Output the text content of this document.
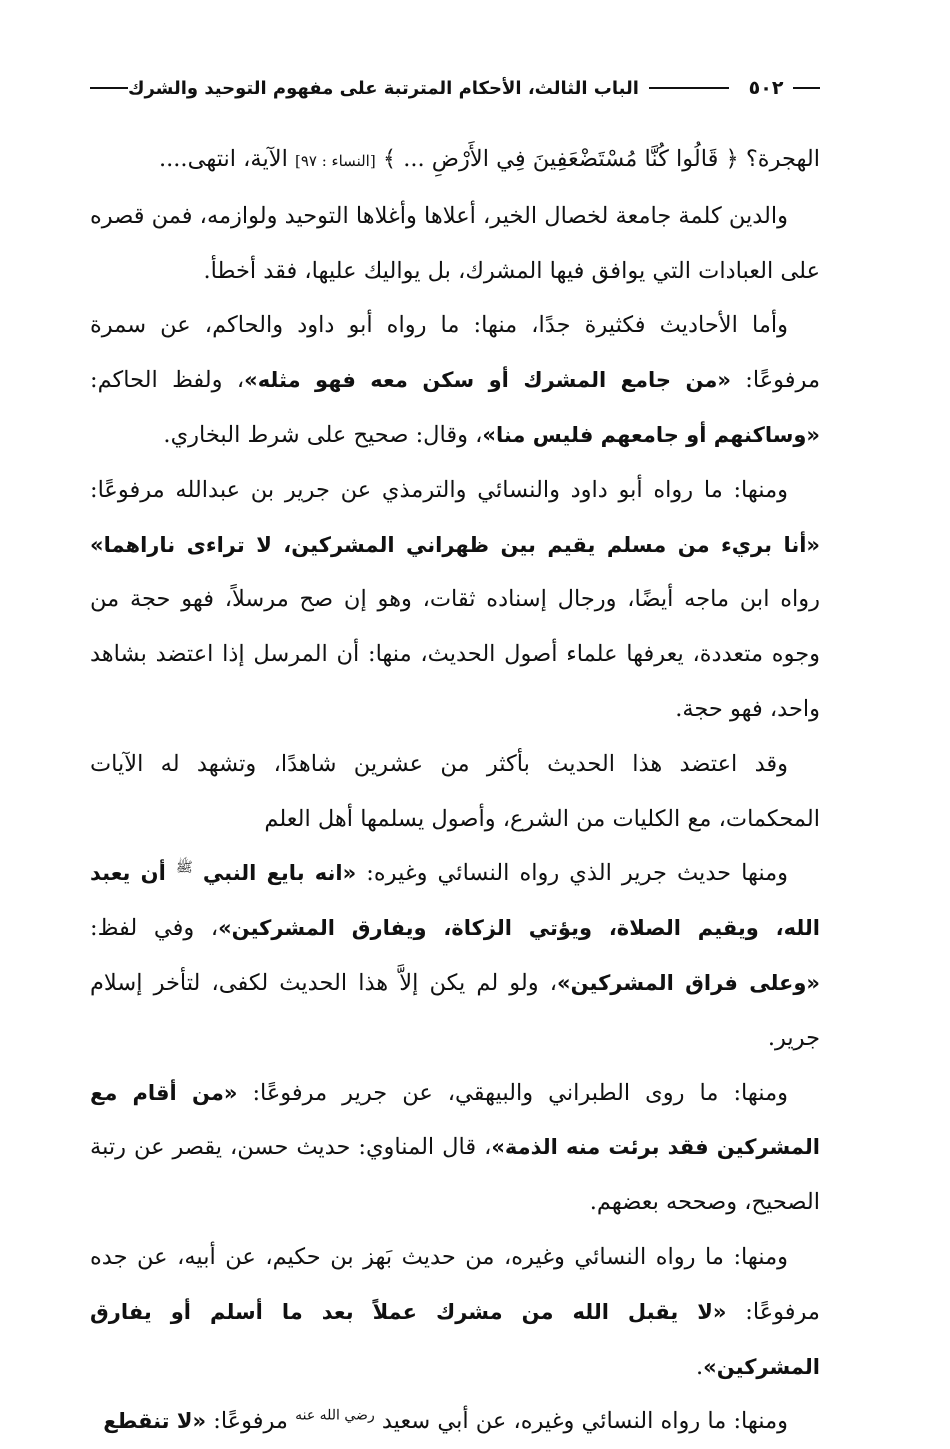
٥٠٢
الباب الثالث، الأحكام المترتبة على مفهوم التوحيد والشرك

الهجرة؟ ﴿ قَالُوا كُنَّا مُسْتَضْعَفِينَ فِي الأَرْضِ ... ﴾ [النساء : ٩٧] الآية، انتهى....

والدين كلمة جامعة لخصال الخير، أعلاها وأغلاها التوحيد ولوازمه، فمن قصره على العبادات التي يوافق فيها المشرك، بل يواليك عليها، فقد أخطأ.

وأما الأحاديث فكثيرة جدًا، منها: ما رواه أبو داود والحاكم، عن سمرة مرفوعًا: «من جامع المشرك أو سكن معه فهو مثله»، ولفظ الحاكم: «وساكنهم أو جامعهم فليس منا»، وقال: صحيح على شرط البخاري.

ومنها: ما رواه أبو داود والنسائي والترمذي عن جرير بن عبدالله مرفوعًا: «أنا بريء من مسلم يقيم بين ظهراني المشركين، لا تراءى ناراهما» رواه ابن ماجه أيضًا، ورجال إسناده ثقات، وهو إن صح مرسلاً، فهو حجة من وجوه متعددة، يعرفها علماء أصول الحديث، منها: أن المرسل إذا اعتضد بشاهد واحد، فهو حجة.

وقد اعتضد هذا الحديث بأكثر من عشرين شاهدًا، وتشهد له الآيات المحكمات، مع الكليات من الشرع، وأصول يسلمها أهل العلم

ومنها حديث جرير الذي رواه النسائي وغيره: «انه بايع النبي $^ﷺ$ أن يعبد الله، ويقيم الصلاة، ويؤتي الزكاة، ويفارق المشركين»، وفي لفظ: «وعلى فراق المشركين»، ولو لم يكن إلاَّ هذا الحديث لكفى، لتأخر إسلام جرير.

ومنها: ما روى الطبراني والبيهقي، عن جرير مرفوعًا: «من أقام مع المشركين فقد برئت منه الذمة»، قال المناوي: حديث حسن، يقصر عن رتبة الصحيح، وصححه بعضهم.

ومنها: ما رواه النسائي وغيره، من حديث بَهز بن حكيم، عن أبيه، عن جده مرفوعًا: «لا يقبل الله من مشرك عملاً بعد ما أسلم أو يفارق المشركين».

ومنها: ما رواه النسائي وغيره، عن أبي سعيد $^{رضي الله عنه}$ مرفوعًا: «لا تنقطع
